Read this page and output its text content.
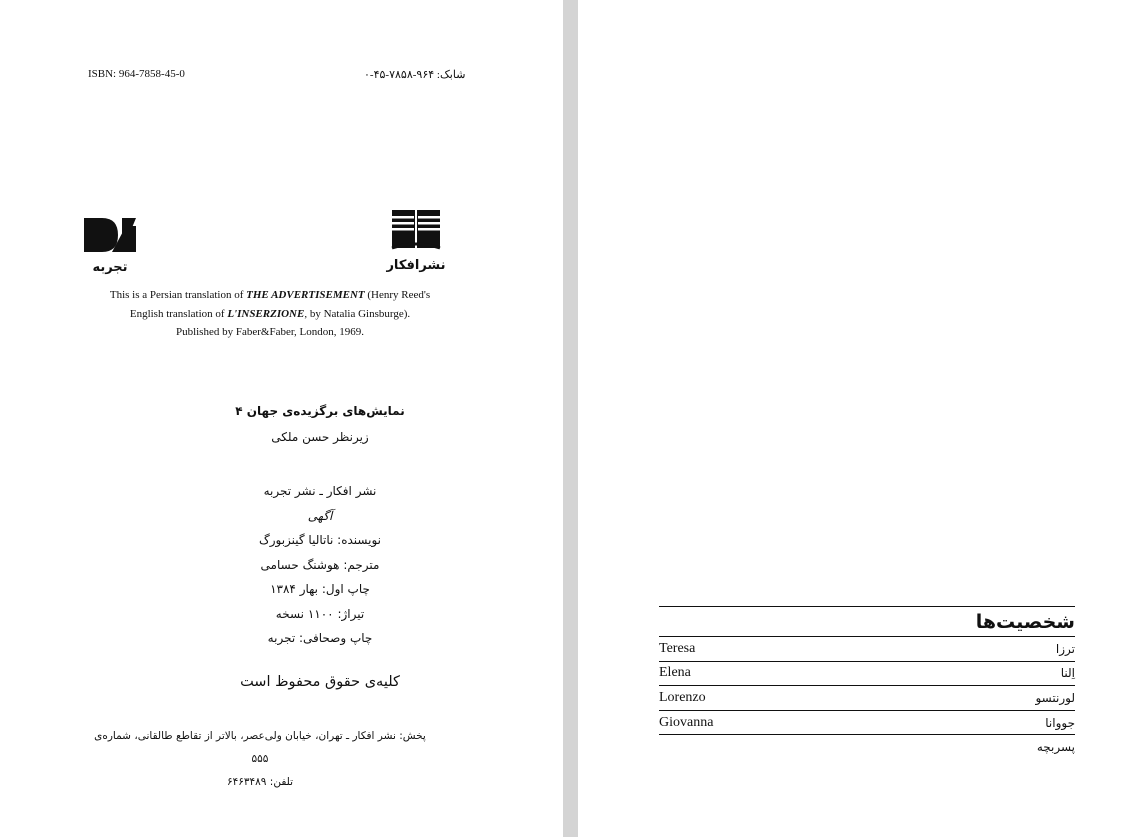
ISBN: 964-7858-45-0	شابک: ۹۶۴-۷۸۵۸-۴۵-۰
تجربه	نشرافکار
This is a Persian translation of THE ADVERTISEMENT (Henry Reed's
English translation of L'INSERZIONE, by Natalia Ginsburge).
Published by Faber&Faber, London, 1969.
نمایش‌های برگزیده‌ی جهان ۴
زیرنظر حسن ملکی
نشر افکار ـ نشر تجربه
آگهی
نویسنده: ناتالیا گینزبورگ
مترجم: هوشنگ حسامی
چاپ اول: بهار ۱۳۸۴
تیراژ: ۱۱۰۰ نسخه
چاپ وصحافی: تجربه
کلیه‌ی حقوق محفوظ است
پخش: نشر افکار ـ تهران، خیابان ولی‌عصر، بالاتر از تقاطع طالقانی، شماره‌ی ۵۵۵
تلفن: ۶۴۶۳۴۸۹
شخصیت‌ها
Teresa	ترزا
Elena	اِلنا
Lorenzo	لورنتسو
Giovanna	جووانا
پسربچه
